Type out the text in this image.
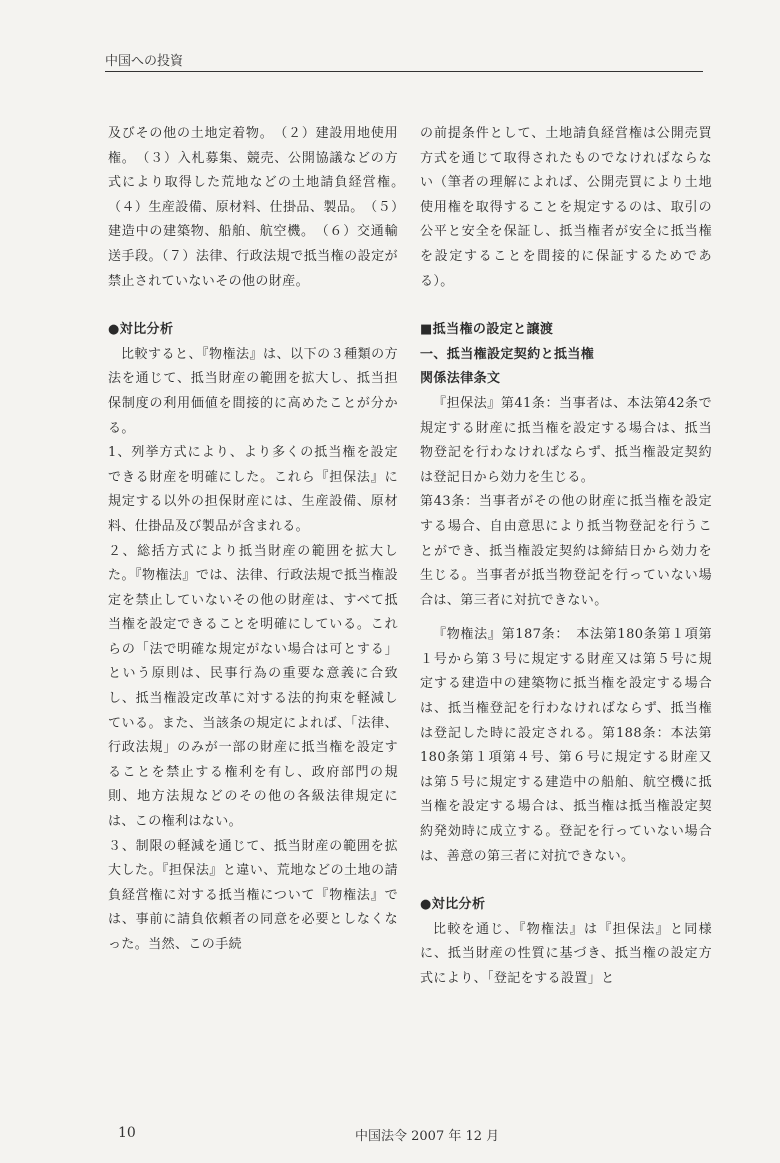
中国への投資

及びその他の土地定着物。　（２）建設用地使用権。　（３）入札募集、競売、公開協議などの方式により取得した荒地などの土地請負経営権。　（４）生産設備、原材料、仕掛品、製品。　（５）建造中の建築物、船舶、航空機。　（６）交通輸送手段。（７）法律、行政法規で抵当権の設定が禁止されていないその他の財産。

●対比分析

比較すると、『物権法』は、以下の３種類の方法を通じて、抵当財産の範囲を拡大し、抵当担保制度の利用価値を間接的に高めたことが分かる。

1、列挙方式により、より多くの抵当権を設定できる財産を明確にした。これら『担保法』に規定する以外の担保財産には、生産設備、原材料、仕掛品及び製品が含まれる。

２、総括方式により抵当財産の範囲を拡大した。『物権法』では、法律、行政法規で抵当権設定を禁止していないその他の財産は、すべて抵当権を設定できることを明確にしている。これらの「法で明確な規定がない場合は可とする」という原則は、民事行為の重要な意義に合致し、抵当権設定改革に対する法的拘束を軽減している。また、当該条の規定によれば、「法律、行政法規」のみが一部の財産に抵当権を設定することを禁止する権利を有し、政府部門の規則、地方法規などのその他の各級法律規定には、この権利はない。

３、制限の軽減を通じて、抵当財産の範囲を拡大した。『担保法』と違い、荒地などの土地の請負経営権に対する抵当権について『物権法』では、事前に請負依頼者の同意を必要としなくなった。当然、この手続

の前提条件として、土地請負経営権は公開売買方式を通じて取得されたものでなければならない（筆者の理解によれば、公開売買により土地使用権を取得することを規定するのは、取引の公平と安全を保証し、抵当権者が安全に抵当権を設定することを間接的に保証するためである）。

■抵当権の設定と譲渡

一、抵当権設定契約と抵当権

関係法律条文

『担保法』第41条：当事者は、本法第42条で規定する財産に抵当権を設定する場合は、抵当物登記を行わなければならず、抵当権設定契約は登記日から効力を生じる。

第43条：当事者がその他の財産に抵当権を設定する場合、自由意思により抵当物登記を行うことができ、抵当権設定契約は締結日から効力を生じる。当事者が抵当物登記を行っていない場合は、第三者に対抗できない。

『物権法』第187条：　本法第180条第１項第１号から第３号に規定する財産又は第５号に規定する建造中の建築物に抵当権を設定する場合は、抵当権登記を行わなければならず、抵当権は登記した時に設定される。第188条：本法第180条第１項第４号、第６号に規定する財産又は第５号に規定する建造中の船舶、航空機に抵当権を設定する場合は、抵当権は抵当権設定契約発効時に成立する。登記を行っていない場合は、善意の第三者に対抗できない。

●対比分析

比較を通じ、『物権法』は『担保法』と同様に、抵当財産の性質に基づき、抵当権の設定方式により、「登記をする設置」と

10	中国法令 2007 年 12 月
